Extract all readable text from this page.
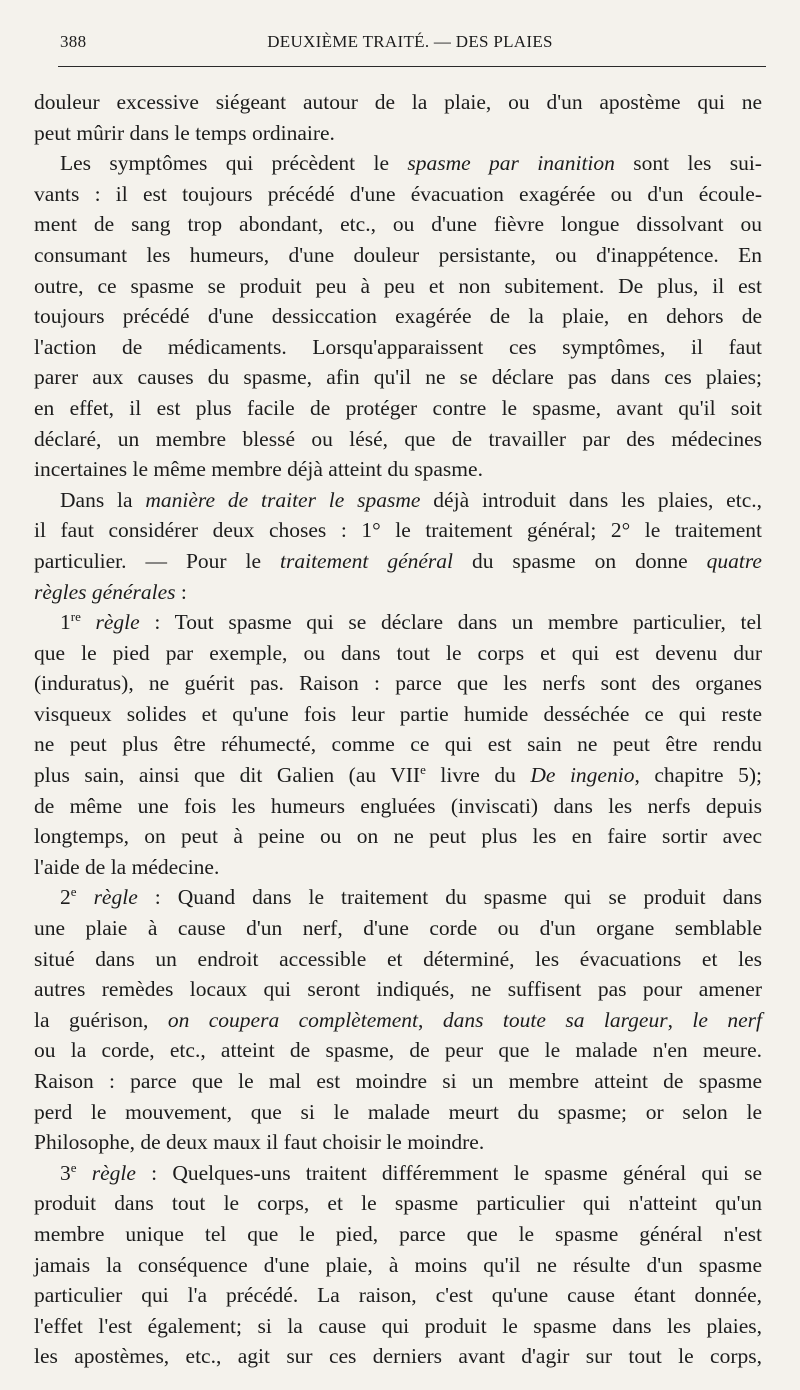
388	DEUXIÈME TRAITÉ. — DES PLAIES
douleur excessive siégeant autour de la plaie, ou d'un apostème qui ne
peut mûrir dans le temps ordinaire.
Les symptômes qui précèdent le spasme par inanition sont les sui-
vants : il est toujours précédé d'une évacuation exagérée ou d'un écoule-
ment de sang trop abondant, etc., ou d'une fièvre longue dissolvant ou
consumant les humeurs, d'une douleur persistante, ou d'inappétence. En
outre, ce spasme se produit peu à peu et non subitement. De plus, il est
toujours précédé d'une dessiccation exagérée de la plaie, en dehors de
l'action de médicaments. Lorsqu'apparaissent ces symptômes, il faut
parer aux causes du spasme, afin qu'il ne se déclare pas dans ces plaies;
en effet, il est plus facile de protéger contre le spasme, avant qu'il soit
déclaré, un membre blessé ou lésé, que de travailler par des médecines
incertaines le même membre déjà atteint du spasme.
Dans la manière de traiter le spasme déjà introduit dans les plaies, etc.,
il faut considérer deux choses : 1° le traitement général; 2° le traitement
particulier. — Pour le traitement général du spasme on donne quatre
règles générales :
1re règle : Tout spasme qui se déclare dans un membre particulier, tel
que le pied par exemple, ou dans tout le corps et qui est devenu dur
(induratus), ne guérit pas. Raison : parce que les nerfs sont des organes
visqueux solides et qu'une fois leur partie humide desséchée ce qui reste
ne peut plus être réhumecté, comme ce qui est sain ne peut être rendu
plus sain, ainsi que dit Galien (au VIIe livre du De ingenio, chapitre 5);
de même une fois les humeurs engluées (inviscati) dans les nerfs depuis
longtemps, on peut à peine ou on ne peut plus les en faire sortir avec
l'aide de la médecine.
2e règle : Quand dans le traitement du spasme qui se produit dans
une plaie à cause d'un nerf, d'une corde ou d'un organe semblable
situé dans un endroit accessible et déterminé, les évacuations et les
autres remèdes locaux qui seront indiqués, ne suffisent pas pour amener
la guérison, on coupera complètement, dans toute sa largeur, le nerf
ou la corde, etc., atteint de spasme, de peur que le malade n'en meure.
Raison : parce que le mal est moindre si un membre atteint de spasme
perd le mouvement, que si le malade meurt du spasme; or selon le
Philosophe, de deux maux il faut choisir le moindre.
3e règle : Quelques-uns traitent différemment le spasme général qui se
produit dans tout le corps, et le spasme particulier qui n'atteint qu'un
membre unique tel que le pied, parce que le spasme général n'est
jamais la conséquence d'une plaie, à moins qu'il ne résulte d'un spasme
particulier qui l'a précédé. La raison, c'est qu'une cause étant donnée,
l'effet l'est également; si la cause qui produit le spasme dans les plaies,
les apostèmes, etc., agit sur ces derniers avant d'agir sur tout le corps,
